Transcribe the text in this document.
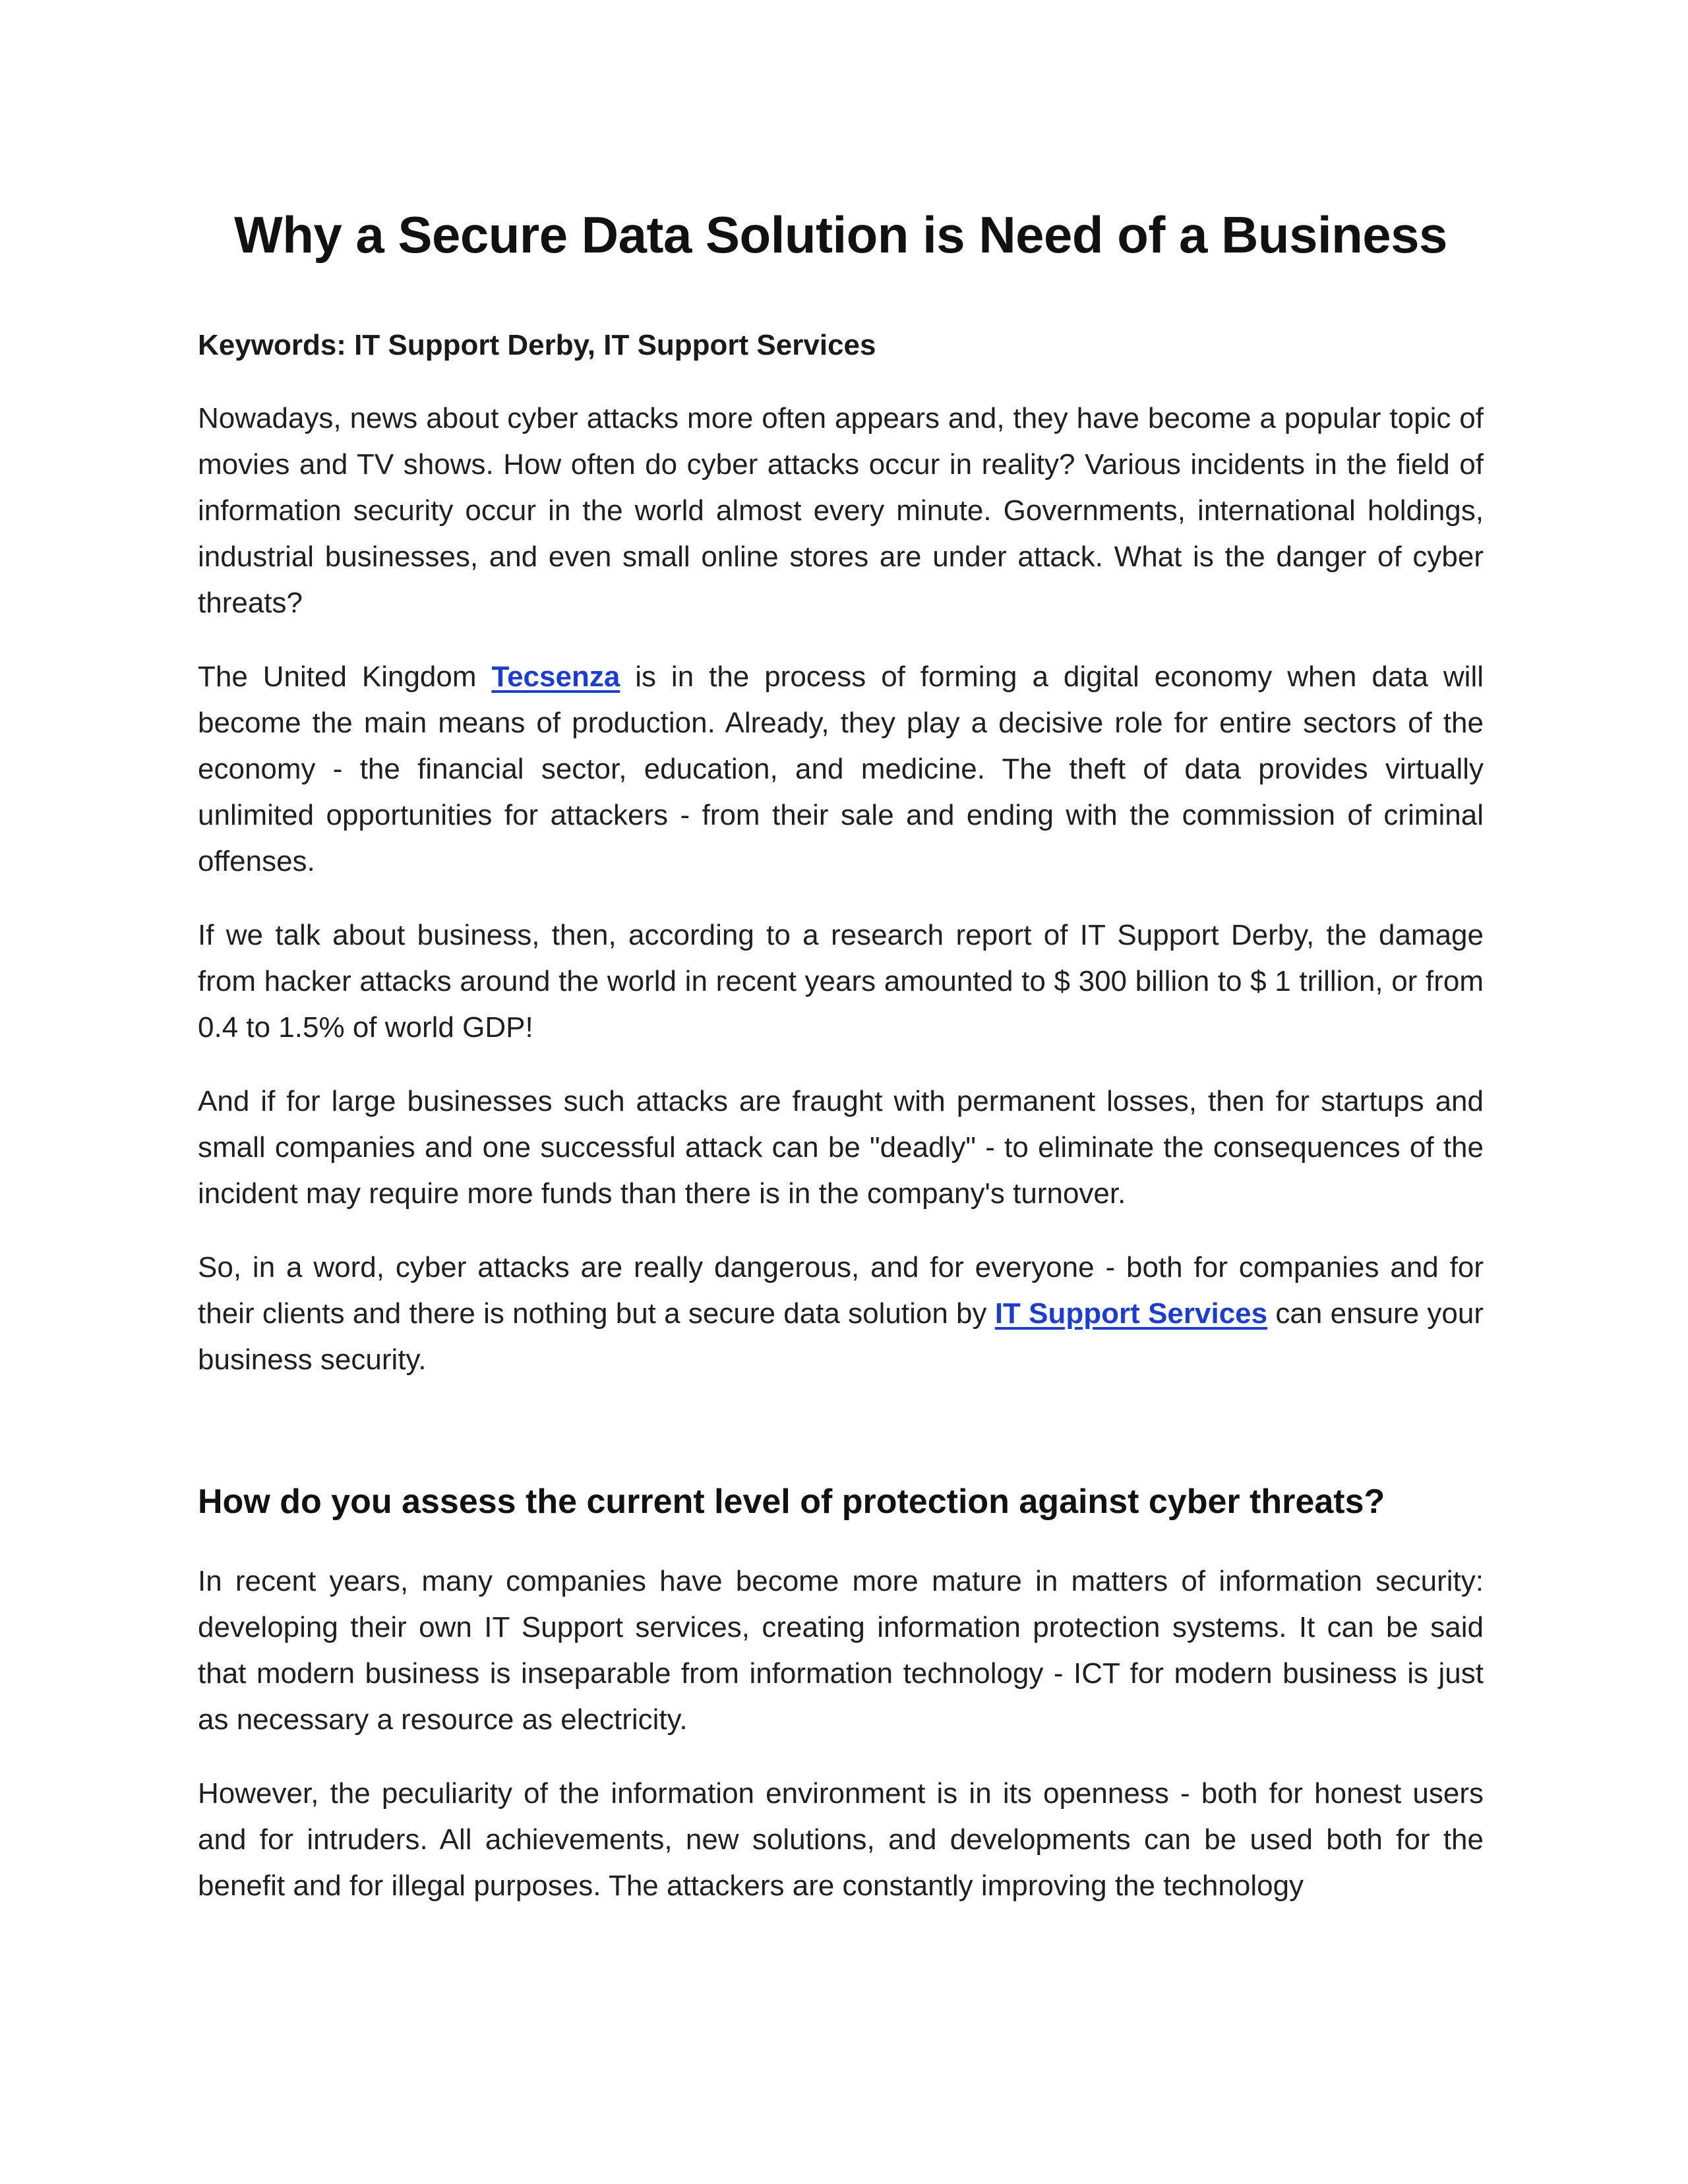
Why a Secure Data Solution is Need of a Business

Keywords: IT Support Derby, IT Support Services

Nowadays, news about cyber attacks more often appears and, they have become a popular topic of movies and TV shows. How often do cyber attacks occur in reality? Various incidents in the field of information security occur in the world almost every minute. Governments, international holdings, industrial businesses, and even small online stores are under attack. What is the danger of cyber threats?

The United Kingdom Tecsenza is in the process of forming a digital economy when data will become the main means of production. Already, they play a decisive role for entire sectors of the economy - the financial sector, education, and medicine. The theft of data provides virtually unlimited opportunities for attackers - from their sale and ending with the commission of criminal offenses.

If we talk about business, then, according to a research report of IT Support Derby, the damage from hacker attacks around the world in recent years amounted to $ 300 billion to $ 1 trillion, or from 0.4 to 1.5% of world GDP!

And if for large businesses such attacks are fraught with permanent losses, then for startups and small companies and one successful attack can be "deadly" - to eliminate the consequences of the incident may require more funds than there is in the company's turnover.

So, in a word, cyber attacks are really dangerous, and for everyone - both for companies and for their clients and there is nothing but a secure data solution by IT Support Services can ensure your business security.

How do you assess the current level of protection against cyber threats?

In recent years, many companies have become more mature in matters of information security: developing their own IT Support services, creating information protection systems. It can be said that modern business is inseparable from information technology - ICT for modern business is just as necessary a resource as electricity.

However, the peculiarity of the information environment is in its openness - both for honest users and for intruders. All achievements, new solutions, and developments can be used both for the benefit and for illegal purposes. The attackers are constantly improving the technology
